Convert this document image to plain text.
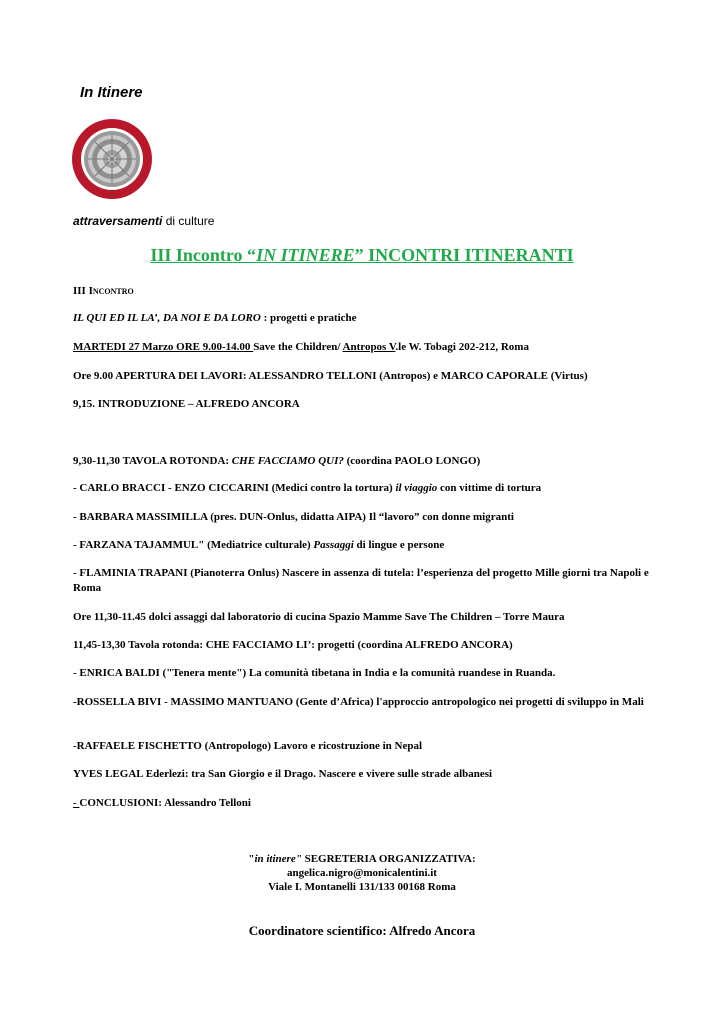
In Itinere
attraversamenti di culture
III Incontro “IN ITINERE” INCONTRI ITINERANTI
III Incontro
IL QUI ED IL LA’, DA NOI E DA LORO : progetti e pratiche
MARTEDI 27 Marzo ORE 9.00-14.00 Save the Children/ Antropos V.le W. Tobagi 202-212, Roma
Ore 9.00 APERTURA DEI LAVORI: ALESSANDRO TELLONI (Antropos) e MARCO CAPORALE (Virtus)
9,15. INTRODUZIONE – ALFREDO ANCORA
9,30-11,30 TAVOLA ROTONDA: CHE FACCIAMO QUI? (coordina PAOLO LONGO)
- CARLO BRACCI - ENZO CICCARINI (Medici contro la tortura) il viaggio con vittime di tortura
- BARBARA MASSIMILLA (pres. DUN-Onlus, didatta AIPA) Il “lavoro” con donne migranti
- FARZANA TAJAMMUL" (Mediatrice culturale) Passaggi di lingue e persone
- FLAMINIA TRAPANI (Pianoterra Onlus) Nascere in assenza di tutela: l’esperienza del progetto Mille giorni tra Napoli e Roma
Ore 11,30-11.45 dolci assaggi dal laboratorio di cucina Spazio Mamme Save The Children – Torre Maura
11,45-13,30 Tavola rotonda: CHE FACCIAMO LI’: progetti (coordina ALFREDO ANCORA)
- ENRICA BALDI ("Tenera mente") La comunità tibetana in India e la comunità ruandese in Ruanda.
-ROSSELLA BIVI - MASSIMO MANTUANO (Gente d’Africa) l'approccio antropologico nei progetti di sviluppo in Mali
-RAFFAELE FISCHETTO (Antropologo) Lavoro e ricostruzione in Nepal
YVES LEGAL Ederlezi: tra San Giorgio e il Drago. Nascere e vivere sulle strade albanesi
- CONCLUSIONI: Alessandro Telloni
"in itinere" SEGRETERIA ORGANIZZATIVA:
angelica.nigro@monicalentini.it
Viale I. Montanelli 131/133 00168 Roma
Coordinatore scientifico: Alfredo Ancora
